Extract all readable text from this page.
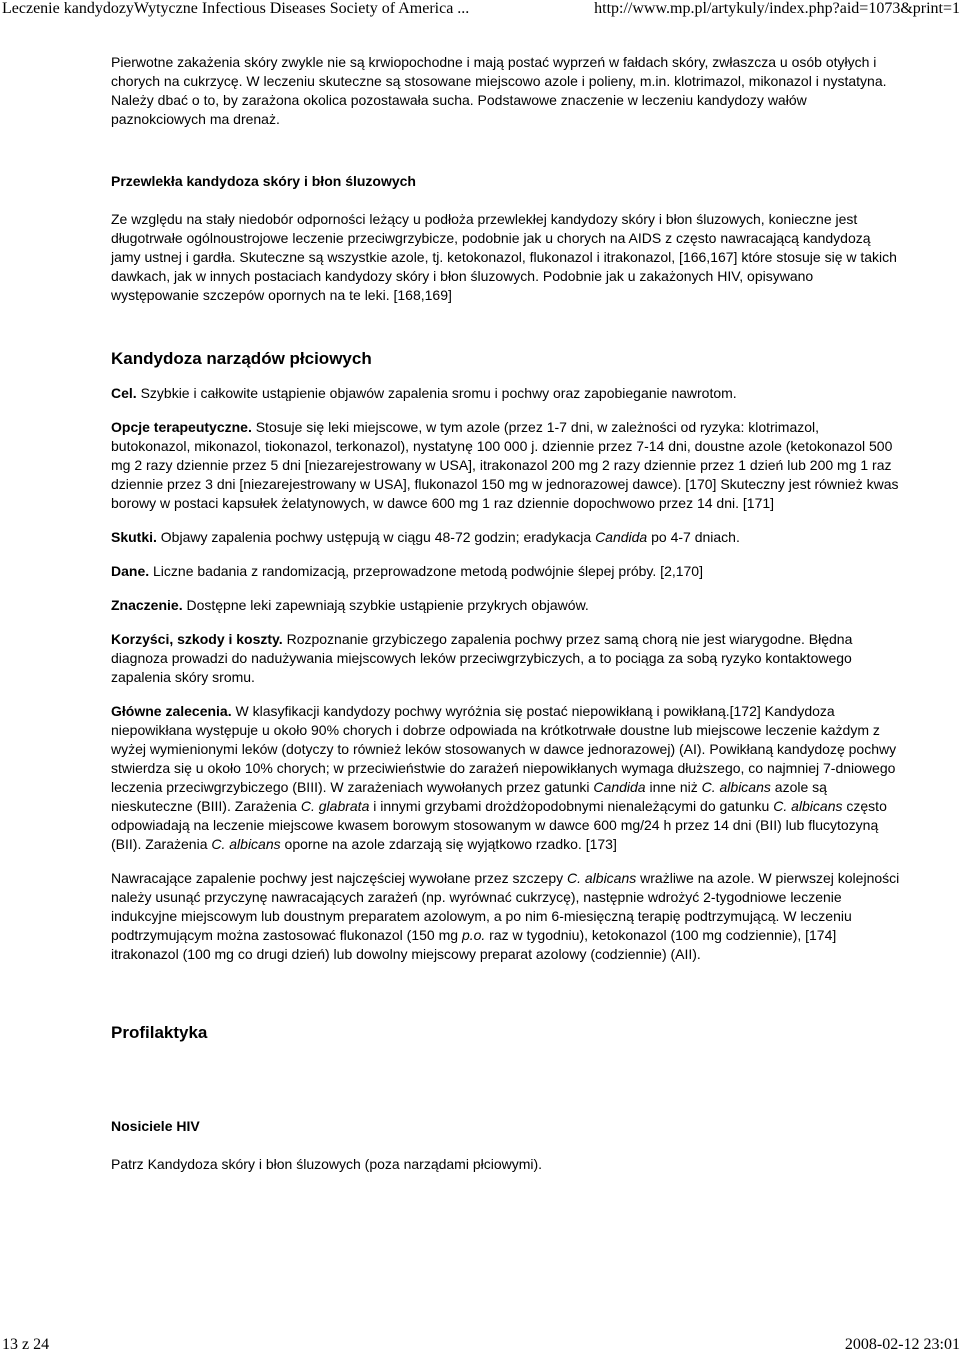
Leczenie kandydozyWytyczne Infectious Diseases Society of America ...	http://www.mp.pl/artykuly/index.php?aid=1073&print=1

Pierwotne zakażenia skóry zwykle nie są krwiopochodne i mają postać wyprzeń w fałdach skóry, zwłaszcza u osób otyłych i chorych na cukrzycę. W leczeniu skuteczne są stosowane miejscowo azole i polieny, m.in. klotrimazol, mikonazol i nystatyna. Należy dbać o to, by zarażona okolica pozostawała sucha. Podstawowe znaczenie w leczeniu kandydozy wałów paznokciowych ma drenaż.

Przewlekła kandydoza skóry i błon śluzowych

Ze względu na stały niedobór odporności leżący u podłoża przewlekłej kandydozy skóry i błon śluzowych, konieczne jest długotrwałe ogólnoustrojowe leczenie przeciwgrzybicze, podobnie jak u chorych na AIDS z często nawracającą kandydozą jamy ustnej i gardła. Skuteczne są wszystkie azole, tj. ketokonazol, flukonazol i itrakonazol, [166,167] które stosuje się w takich dawkach, jak w innych postaciach kandydozy skóry i błon śluzowych. Podobnie jak u zakażonych HIV, opisywano występowanie szczepów opornych na te leki. [168,169]

Kandydoza narządów płciowych

Cel. Szybkie i całkowite ustąpienie objawów zapalenia sromu i pochwy oraz zapobieganie nawrotom.

Opcje terapeutyczne. Stosuje się leki miejscowe, w tym azole (przez 1-7 dni, w zależności od ryzyka: klotrimazol, butokonazol, mikonazol, tiokonazol, terkonazol), nystatynę 100 000 j. dziennie przez 7-14 dni, doustne azole (ketokonazol 500 mg 2 razy dziennie przez 5 dni [niezarejestrowany w USA], itrakonazol 200 mg 2 razy dziennie przez 1 dzień lub 200 mg 1 raz dziennie przez 3 dni [niezarejestrowany w USA], flukonazol 150 mg w jednorazowej dawce). [170] Skuteczny jest również kwas borowy w postaci kapsułek żelatynowych, w dawce 600 mg 1 raz dziennie dopochwowo przez 14 dni. [171]

Skutki. Objawy zapalenia pochwy ustępują w ciągu 48-72 godzin; eradykacja Candida po 4-7 dniach.

Dane. Liczne badania z randomizacją, przeprowadzone metodą podwójnie ślepej próby. [2,170]

Znaczenie. Dostępne leki zapewniają szybkie ustąpienie przykrych objawów.

Korzyści, szkody i koszty. Rozpoznanie grzybiczego zapalenia pochwy przez samą chorą nie jest wiarygodne. Błędna diagnoza prowadzi do nadużywania miejscowych leków przeciwgrzybiczych, a to pociąga za sobą ryzyko kontaktowego zapalenia skóry sromu.

Główne zalecenia. W klasyfikacji kandydozy pochwy wyróżnia się postać niepowikłaną i powikłaną.[172] Kandydoza niepowikłana występuje u około 90% chorych i dobrze odpowiada na krótkotrwałe doustne lub miejscowe leczenie każdym z wyżej wymienionymi leków (dotyczy to również leków stosowanych w dawce jednorazowej) (AI). Powikłaną kandydozę pochwy stwierdza się u około 10% chorych; w przeciwieństwie do zarażeń niepowikłanych wymaga dłuższego, co najmniej 7-dniowego leczenia przeciwgrzybiczego (BIII). W zarażeniach wywołanych przez gatunki Candida inne niż C. albicans azole są nieskuteczne (BIII). Zarażenia C. glabrata i innymi grzybami drożdżopodobnymi nienależącymi do gatunku C. albicans często odpowiadają na leczenie miejscowe kwasem borowym stosowanym w dawce 600 mg/24 h przez 14 dni (BII) lub flucytozyną (BII). Zarażenia C. albicans oporne na azole zdarzają się wyjątkowo rzadko. [173]

Nawracające zapalenie pochwy jest najczęściej wywołane przez szczepy C. albicans wrażliwe na azole. W pierwszej kolejności należy usunąć przyczynę nawracających zarażeń (np. wyrównać cukrzycę), następnie wdrożyć 2-tygodniowe leczenie indukcyjne miejscowym lub doustnym preparatem azolowym, a po nim 6-miesięczną terapię podtrzymującą. W leczeniu podtrzymującym można zastosować flukonazol (150 mg p.o. raz w tygodniu), ketokonazol (100 mg codziennie), [174] itrakonazol (100 mg co drugi dzień) lub dowolny miejscowy preparat azolowy (codziennie) (AII).

Profilaktyka

Nosiciele HIV

Patrz Kandydoza skóry i błon śluzowych (poza narządami płciowymi).

13 z 24	2008-02-12 23:01
